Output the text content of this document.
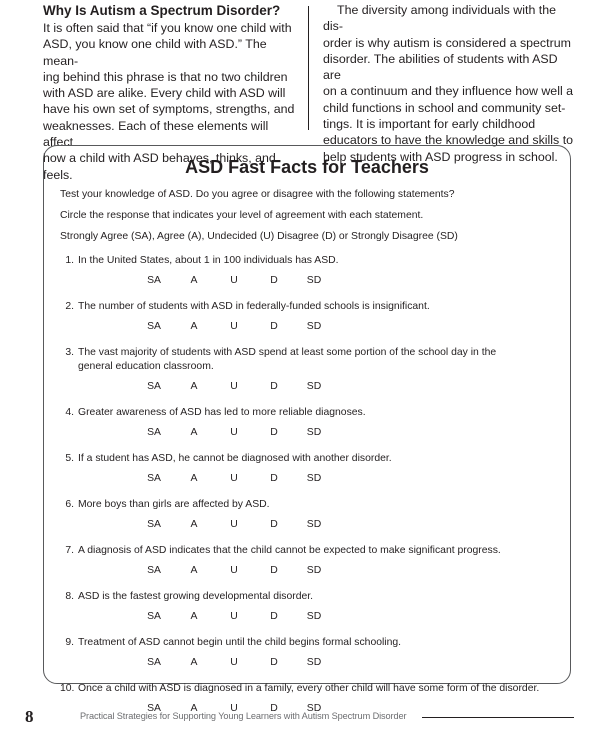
Why Is Autism a Spectrum Disorder?

It is often said that “if you know one child with
ASD, you know one child with ASD.” The mean-
ing behind this phrase is that no two children
with ASD are alike. Every child with ASD will
have his own set of symptoms, strengths, and
weaknesses. Each of these elements will affect
how a child with ASD behaves, thinks, and feels.

The diversity among individuals with the dis-
order is why autism is considered a spectrum
disorder. The abilities of students with ASD are
on a continuum and they influence how well a
child functions in school and community set-
tings. It is important for early childhood
educators to have the knowledge and skills to
help students with ASD progress in school.

ASD Fast Facts for Teachers

Test your knowledge of ASD. Do you agree or disagree with the following statements?

Circle the response that indicates your level of agreement with each statement.

Strongly Agree (SA), Agree (A), Undecided (U) Disagree (D) or Strongly Disagree (SD)

1. In the United States, about 1 in 100 individuals has ASD.
SA	A	U	D	SD
2. The number of students with ASD in federally-funded schools is insignificant.
SA	A	U	D	SD
3. The vast majority of students with ASD spend at least some portion of the school day in the
general education classroom.
SA	A	U	D	SD
4. Greater awareness of ASD has led to more reliable diagnoses.
SA	A	U	D	SD
5. If a student has ASD, he cannot be diagnosed with another disorder.
SA	A	U	D	SD
6. More boys than girls are affected by ASD.
SA	A	U	D	SD
7. A diagnosis of ASD indicates that the child cannot be expected to make significant progress.
SA	A	U	D	SD
8. ASD is the fastest growing developmental disorder.
SA	A	U	D	SD
9. Treatment of ASD cannot begin until the child begins formal schooling.
SA	A	U	D	SD
10. Once a child with ASD is diagnosed in a family, every other child will have some form of the disorder.
SA	A	U	D	SD
8	Practical Strategies for Supporting Young Learners with Autism Spectrum Disorder
